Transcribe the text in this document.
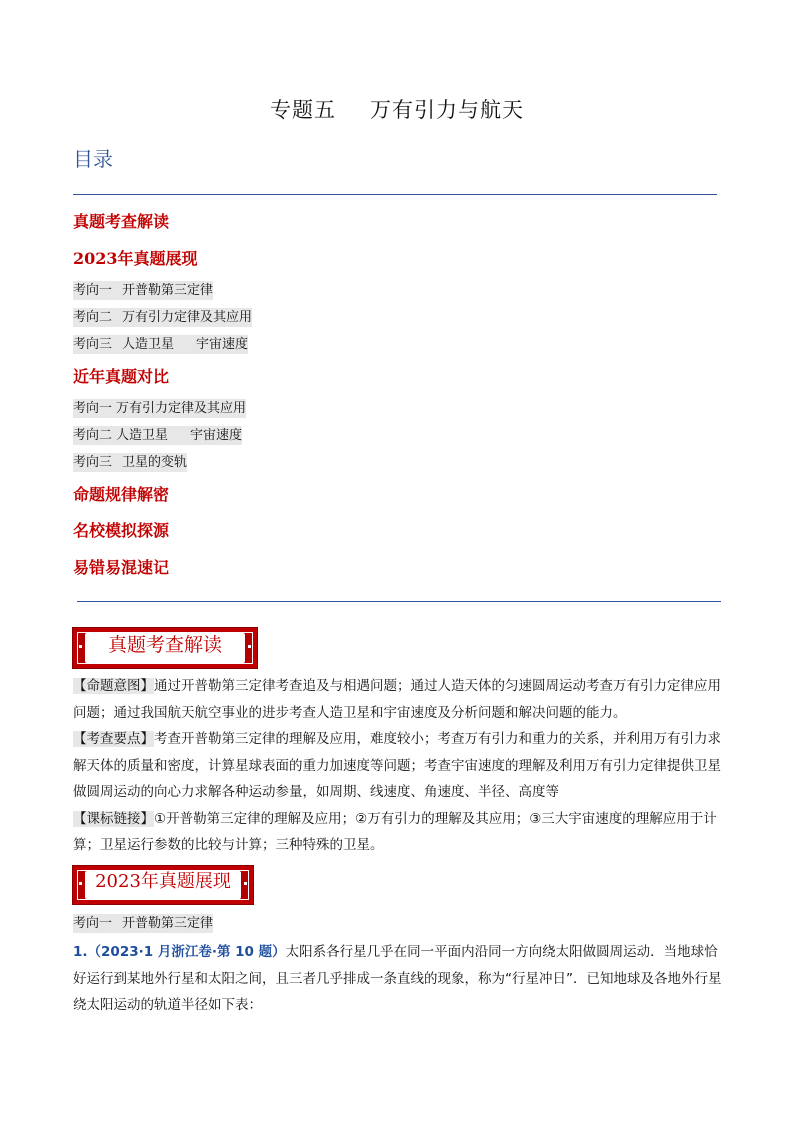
专题五 万有引力与航天
目录
真题考查解读
2023年真题展现
考向一 开普勒第三定律
考向二 万有引力定律及其应用
考向三 人造卫星 宇宙速度
近年真题对比
考向一 万有引力定律及其应用
考向二 人造卫星 宇宙速度
考向三 卫星的变轨
命题规律解密
名校模拟探源
易错易混速记
真题考查解读
【命题意图】通过开普勒第三定律考查追及与相遇问题；通过人造天体的匀速圆周运动考查万有引力定律应用问题；通过我国航天航空事业的进步考查人造卫星和宇宙速度及分析问题和解决问题的能力。
【考查要点】考查开普勒第三定律的理解及应用，难度较小；考查万有引力和重力的关系，并利用万有引力求解天体的质量和密度，计算星球表面的重力加速度等问题；考查宇宙速度的理解及利用万有引力定律提供卫星做圆周运动的向心力求解各种运动参量，如周期、线速度、角速度、半径、高度等
【课标链接】①开普勒第三定律的理解及应用；②万有引力的理解及其应用；③三大宇宙速度的理解应用于计算；卫星运行参数的比较与计算；三种特殊的卫星。
2023年真题展现
考向一 开普勒第三定律
1.（2023·1 月浙江卷·第 10 题）太阳系各行星几乎在同一平面内沿同一方向绕太阳做圆周运动．当地球恰好运行到某地外行星和太阳之间，且三者几乎排成一条直线的现象，称为“行星冲日”．已知地球及各地外行星绕太阳运动的轨道半径如下表：
